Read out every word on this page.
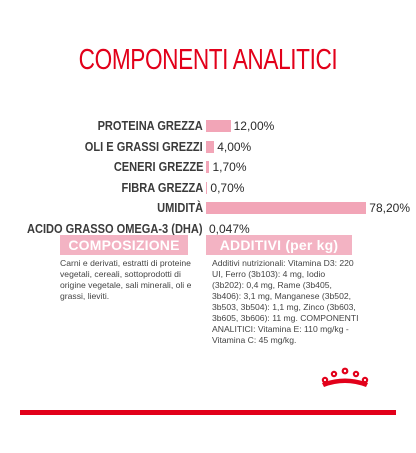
COMPONENTI ANALITICI
PROTEINA GREZZA	12,00%
OLI E GRASSI GREZZI 4,00%
CENERI GREZZE 1,70%
FIBRA GREZZA 0,70%
UMIDITÀ	78,20%
ACIDO GRASSO OMEGA-3 (DHA) 0,047%
COMPOSIZIONE	ADDITIVI (per kg)
Carni e derivati, estratti di proteine vegetali, cereali, sottoprodotti di origine vegetale, sali minerali, oli e grassi, lieviti.
Additivi nutrizionali: Vitamina D3: 220 UI, Ferro (3b103): 4 mg, Iodio (3b202): 0,4 mg, Rame (3b405, 3b406): 3,1 mg, Manganese (3b502, 3b503, 3b504): 1,1 mg, Zinco (3b603, 3b605, 3b606): 11 mg. COMPONENTI ANALITICI: Vitamina E: 110 mg/kg - Vitamina C: 45 mg/kg.
